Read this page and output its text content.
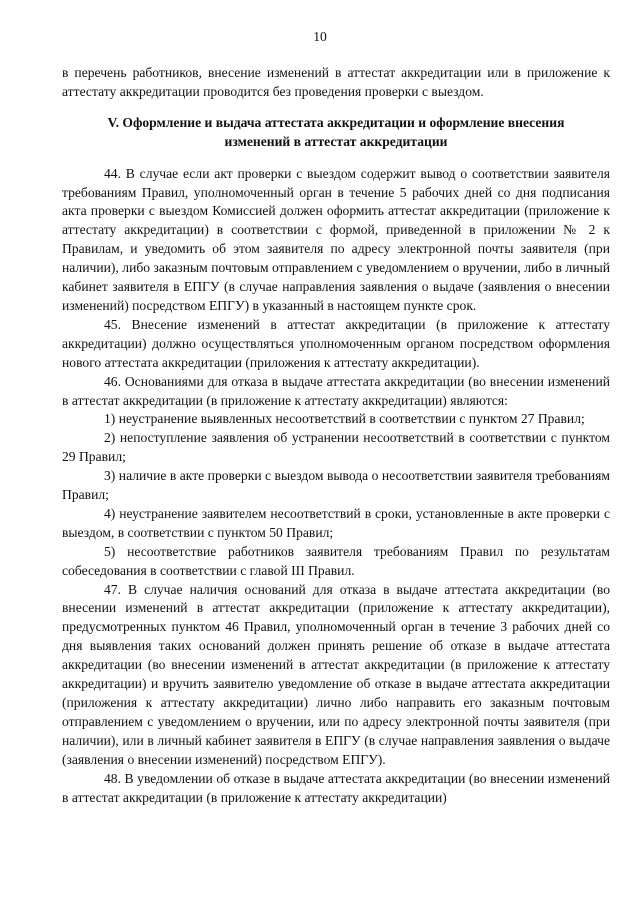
10

в перечень работников, внесение изменений в аттестат аккредитации или в приложение к аттестату аккредитации проводится без проведения проверки с выездом.

V. Оформление и выдача аттестата аккредитации и оформление внесения
изменений в аттестат аккредитации

44. В случае если акт проверки с выездом содержит вывод о соответствии заявителя требованиям Правил, уполномоченный орган в течение 5 рабочих дней со дня подписания акта проверки с выездом Комиссией должен оформить аттестат аккредитации (приложение к аттестату аккредитации) в соответствии с формой, приведенной в приложении № 2 к Правилам, и уведомить об этом заявителя по адресу электронной почты заявителя (при наличии), либо заказным почтовым отправлением с уведомлением о вручении, либо в личный кабинет заявителя в ЕПГУ (в случае направления заявления о выдаче (заявления о внесении изменений) посредством ЕПГУ) в указанный в настоящем пункте срок.

45. Внесение изменений в аттестат аккредитации (в приложение к аттестату аккредитации) должно осуществляться уполномоченным органом посредством оформления нового аттестата аккредитации (приложения к аттестату аккредитации).

46. Основаниями для отказа в выдаче аттестата аккредитации (во внесении изменений в аттестат аккредитации (в приложение к аттестату аккредитации) являются:

1) неустранение выявленных несоответствий в соответствии с пунктом 27 Правил;

2) непоступление заявления об устранении несоответствий в соответствии с пунктом 29 Правил;

3) наличие в акте проверки с выездом вывода о несоответствии заявителя требованиям Правил;

4) неустранение заявителем несоответствий в сроки, установленные в акте проверки с выездом, в соответствии с пунктом 50 Правил;

5) несоответствие работников заявителя требованиям Правил по результатам собеседования в соответствии с главой III Правил.

47. В случае наличия оснований для отказа в выдаче аттестата аккредитации (во внесении изменений в аттестат аккредитации (приложение к аттестату аккредитации), предусмотренных пунктом 46 Правил, уполномоченный орган в течение 3 рабочих дней со дня выявления таких оснований должен принять решение об отказе в выдаче аттестата аккредитации (во внесении изменений в аттестат аккредитации (в приложение к аттестату аккредитации) и вручить заявителю уведомление об отказе в выдаче аттестата аккредитации (приложения к аттестату аккредитации) лично либо направить его заказным почтовым отправлением с уведомлением о вручении, или по адресу электронной почты заявителя (при наличии), или в личный кабинет заявителя в ЕПГУ (в случае направления заявления о выдаче (заявления о внесении изменений) посредством ЕПГУ).

48. В уведомлении об отказе в выдаче аттестата аккредитации (во внесении изменений в аттестат аккредитации (в приложение к аттестату аккредитации)
